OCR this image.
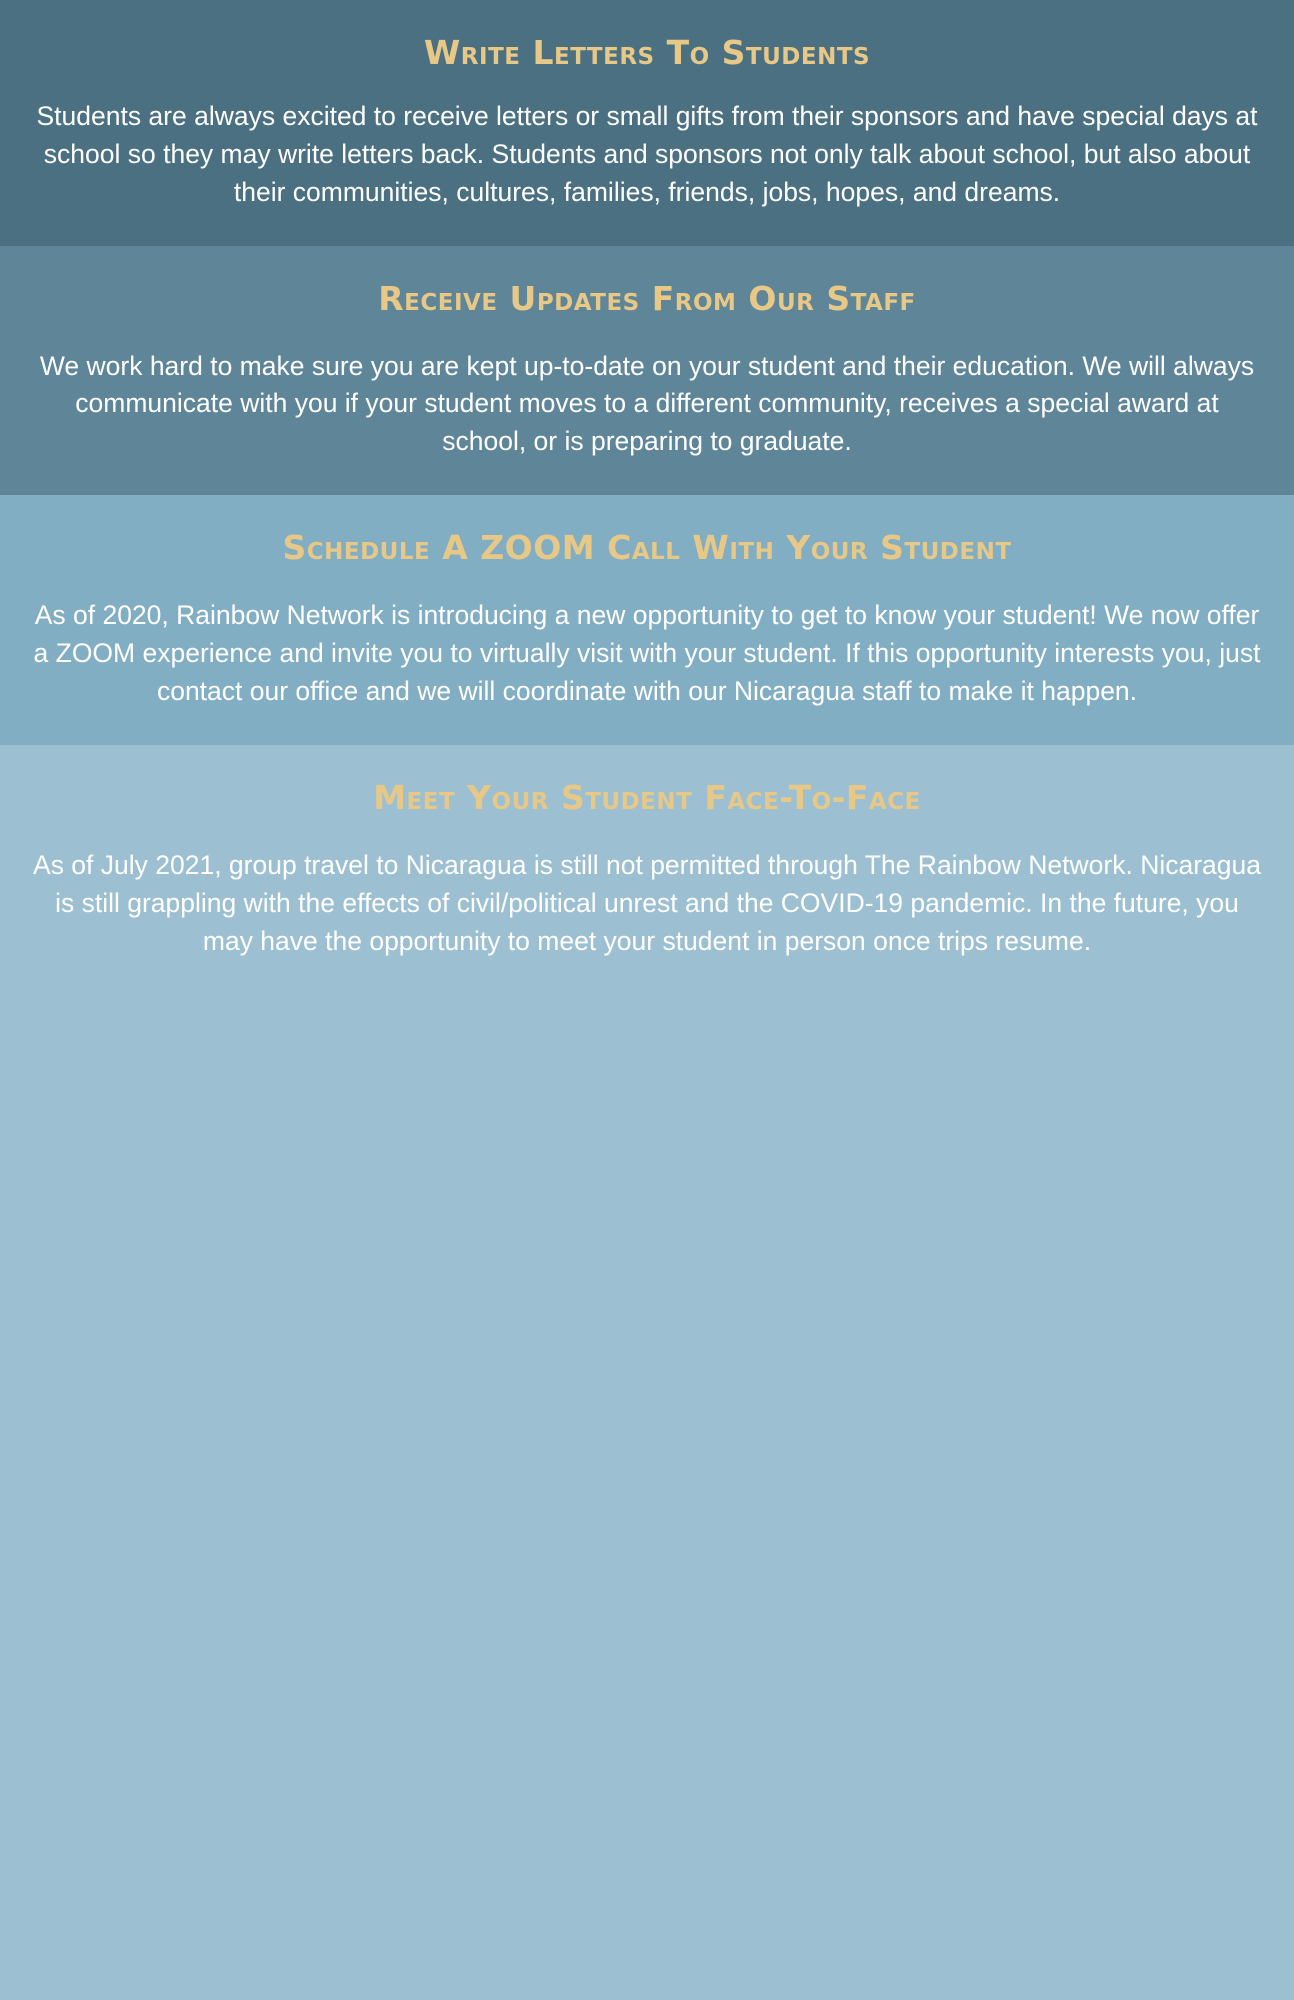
Write Letters To Students

Students are always excited to receive letters or small gifts from their sponsors and have special days at school so they may write letters back. Students and sponsors not only talk about school, but also about their communities, cultures, families, friends, jobs, hopes, and dreams.

Receive Updates From Our Staff

We work hard to make sure you are kept up-to-date on your student and their education. We will always communicate with you if your student moves to a different community, receives a special award at school, or is preparing to graduate.

Schedule A ZOOM Call With Your Student

As of 2020, Rainbow Network is introducing a new opportunity to get to know your student! We now offer a ZOOM experience and invite you to virtually visit with your student. If this opportunity interests you, just contact our office and we will coordinate with our Nicaragua staff to make it happen.

Meet Your Student Face-To-Face

As of July 2021, group travel to Nicaragua is still not permitted through The Rainbow Network. Nicaragua is still grappling with the effects of civil/political unrest and the COVID-19 pandemic. In the future, you may have the opportunity to meet your student in person once trips resume.
